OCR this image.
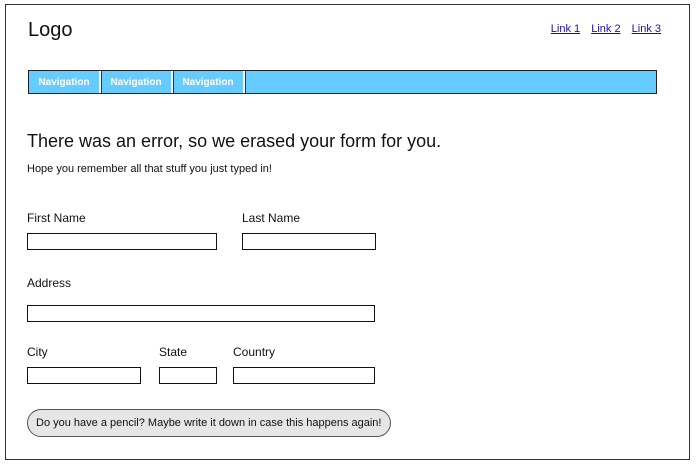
Logo	Link 1 Link 2 Link 3
Navigation	Navigation	Navigation
There was an error, so we erased your form for you.
Hope you remember all that stuff you just typed in!
First Name	Last Name
Address
City	State	Country
Do you have a pencil? Maybe write it down in case this happens again!
